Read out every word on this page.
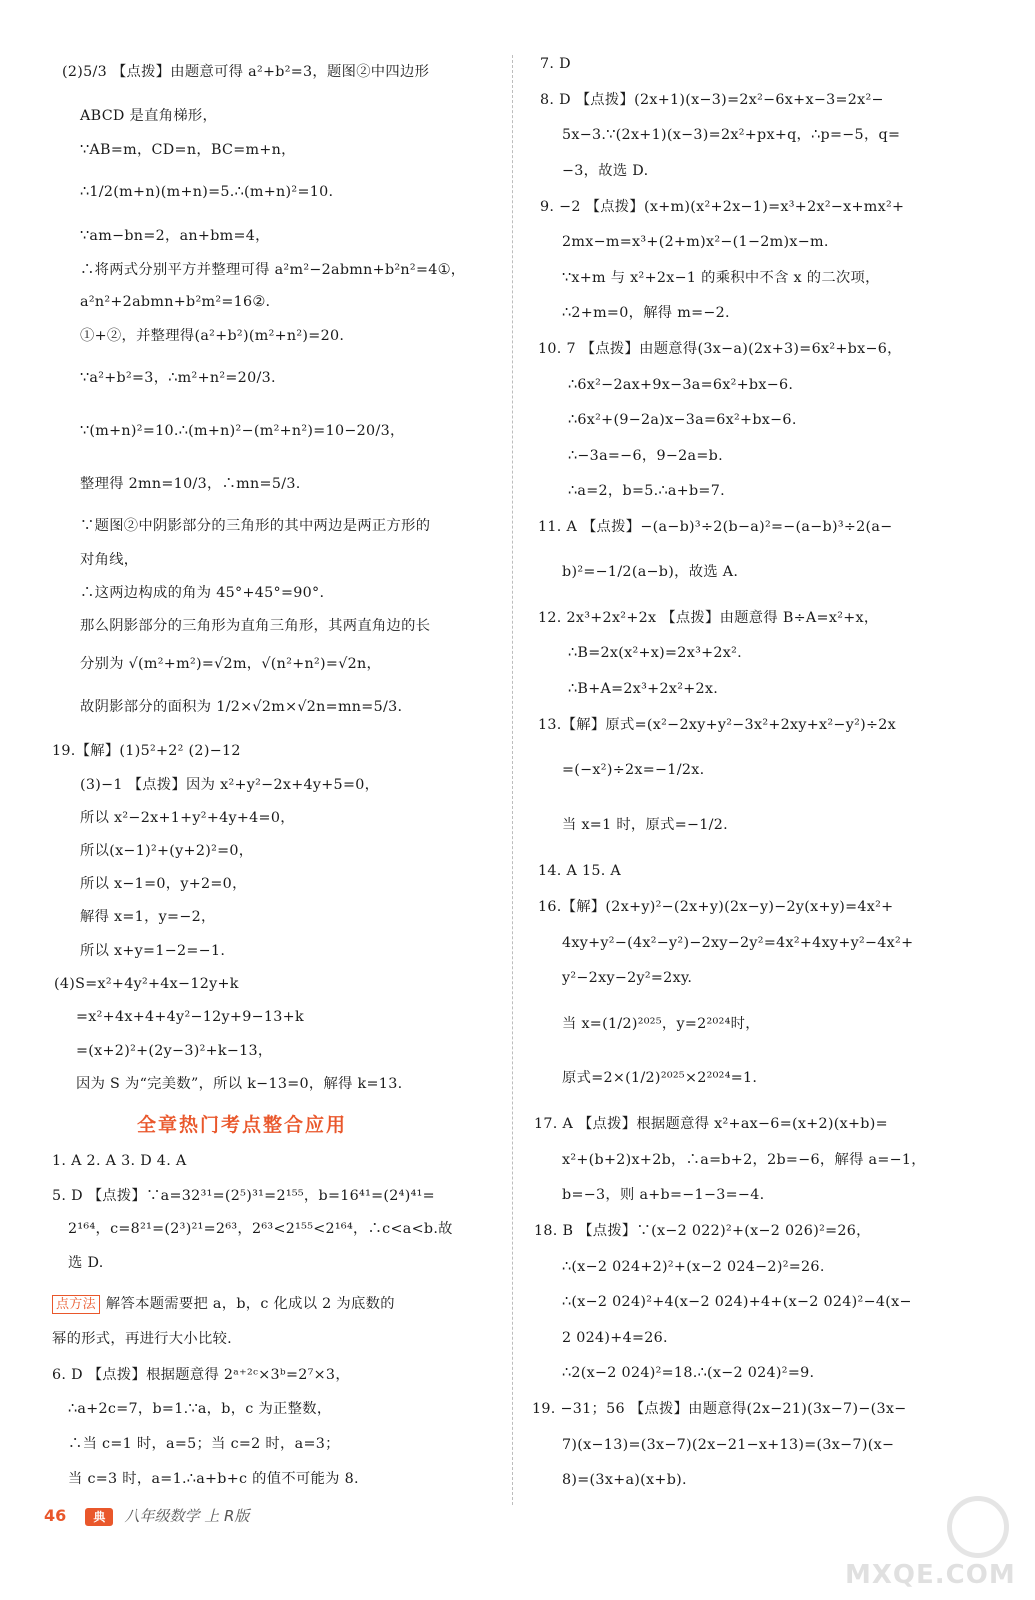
(2)5/3 【点拨】由题意可得 a²+b²=3，题图②中四边形
ABCD 是直角梯形，
∵AB=m，CD=n，BC=m+n，
∴1/2(m+n)(m+n)=5.∴(m+n)²=10.
∵am−bn=2，an+bm=4，
∴将两式分别平方并整理可得 a²m²−2abmn+b²n²=4①，
a²n²+2abmn+b²m²=16②.
①+②，并整理得(a²+b²)(m²+n²)=20.
∵a²+b²=3，∴m²+n²=20/3.
∵(m+n)²=10.∴(m+n)²−(m²+n²)=10−20/3，
整理得 2mn=10/3，∴mn=5/3.
∵题图②中阴影部分的三角形的其中两边是两正方形的
对角线，
∴这两边构成的角为 45°+45°=90°.
那么阴影部分的三角形为直角三角形，其两直角边的长
分别为 √(m²+m²)=√2m，√(n²+n²)=√2n，
故阴影部分的面积为 1/2×√2m×√2n=mn=5/3.
19.【解】(1)5²+2² (2)−12
(3)−1 【点拨】因为 x²+y²−2x+4y+5=0，
所以 x²−2x+1+y²+4y+4=0，
所以(x−1)²+(y+2)²=0，
所以 x−1=0，y+2=0，
解得 x=1，y=−2，
所以 x+y=1−2=−1.
(4)S=x²+4y²+4x−12y+k
=x²+4x+4+4y²−12y+9−13+k
=(x+2)²+(2y−3)²+k−13，
因为 S 为“完美数”，所以 k−13=0，解得 k=13.
1. A 2. A 3. D 4. A
5. D 【点拨】∵a=32³¹=(2⁵)³¹=2¹⁵⁵，b=16⁴¹=(2⁴)⁴¹=
2¹⁶⁴，c=8²¹=(2³)²¹=2⁶³，2⁶³<2¹⁵⁵<2¹⁶⁴，∴c<a<b.故
选 D.
点方法 解答本题需要把 a，b，c 化成以 2 为底数的
幂的形式，再进行大小比较.
6. D 【点拨】根据题意得 2ᵃ⁺²ᶜ×3ᵇ=2⁷×3，
∴a+2c=7，b=1.∵a，b，c 为正整数，
∴当 c=1 时，a=5；当 c=2 时，a=3；
当 c=3 时，a=1.∴a+b+c 的值不可能为 8.
全章热门考点整合应用
7. D
8. D 【点拨】(2x+1)(x−3)=2x²−6x+x−3=2x²−
5x−3.∵(2x+1)(x−3)=2x²+px+q，∴p=−5，q=
−3，故选 D.
9. −2 【点拨】(x+m)(x²+2x−1)=x³+2x²−x+mx²+
2mx−m=x³+(2+m)x²−(1−2m)x−m.
∵x+m 与 x²+2x−1 的乘积中不含 x 的二次项，
∴2+m=0，解得 m=−2.
10. 7 【点拨】由题意得(3x−a)(2x+3)=6x²+bx−6，
∴6x²−2ax+9x−3a=6x²+bx−6.
∴6x²+(9−2a)x−3a=6x²+bx−6.
∴−3a=−6，9−2a=b.
∴a=2，b=5.∴a+b=7.
11. A 【点拨】−(a−b)³÷2(b−a)²=−(a−b)³÷2(a−
b)²=−1/2(a−b)，故选 A.
12. 2x³+2x²+2x 【点拨】由题意得 B÷A=x²+x，
∴B=2x(x²+x)=2x³+2x².
∴B+A=2x³+2x²+2x.
13.【解】原式=(x²−2xy+y²−3x²+2xy+x²−y²)÷2x
=(−x²)÷2x=−1/2x.
当 x=1 时，原式=−1/2.
14. A 15. A
16.【解】(2x+y)²−(2x+y)(2x−y)−2y(x+y)=4x²+
4xy+y²−(4x²−y²)−2xy−2y²=4x²+4xy+y²−4x²+
y²−2xy−2y²=2xy.
当 x=(1/2)²⁰²⁵，y=2²⁰²⁴时，
原式=2×(1/2)²⁰²⁵×2²⁰²⁴=1.
17. A 【点拨】根据题意得 x²+ax−6=(x+2)(x+b)=
x²+(b+2)x+2b，∴a=b+2，2b=−6，解得 a=−1，
b=−3，则 a+b=−1−3=−4.
18. B 【点拨】∵(x−2 022)²+(x−2 026)²=26，
∴(x−2 024+2)²+(x−2 024−2)²=26.
∴(x−2 024)²+4(x−2 024)+4+(x−2 024)²−4(x−
2 024)+4=26.
∴2(x−2 024)²=18.∴(x−2 024)²=9.
19. −31；56 【点拨】由题意得(2x−21)(3x−7)−(3x−
7)(x−13)=(3x−7)(2x−21−x+13)=(3x−7)(x−
8)=(3x+a)(x+b).
46 典 八年级数学 上 R版
MXQE.COM
